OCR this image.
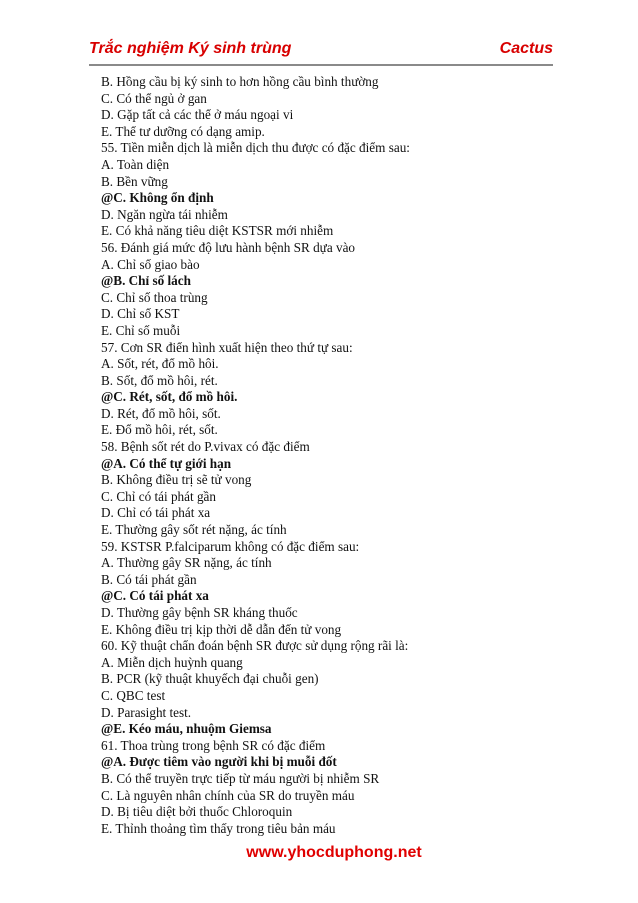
Trắc nghiệm Ký sinh trùng	Cactus
B. Hồng cầu bị ký sinh to hơn hồng cầu bình thường
C. Có thể ngủ ở gan
D. Gặp tất cả các thể ở máu ngoại vi
E. Thể tư dưỡng có dạng amip.
55. Tiền miễn dịch là miễn dịch thu được có đặc điểm sau:
A. Toàn diện
B. Bền vững
@C. Không ổn định
D. Ngăn ngừa tái nhiễm
E. Có khả năng tiêu diệt KSTSR mới nhiễm
56. Đánh giá mức độ lưu hành bệnh SR dựa vào
A. Chỉ số giao bào
@B. Chỉ số lách
C. Chỉ số thoa trùng
D. Chỉ số KST
E. Chỉ số muỗi
57. Cơn SR điển hình xuất hiện theo thứ tự sau:
A. Sốt, rét, đổ mồ hôi.
B. Sốt, đổ mồ hôi, rét.
@C. Rét, sốt, đổ mồ hôi.
D. Rét, đổ mồ hôi, sốt.
E. Đổ mồ hôi, rét, sốt.
58. Bệnh sốt rét do P.vivax có đặc điểm
@A. Có thể tự giới hạn
B. Không điều trị sẽ tử vong
C. Chỉ có tái phát gần
D. Chỉ có tái phát xa
E. Thường gây sốt rét nặng, ác tính
59. KSTSR P.falciparum không có đặc điểm sau:
A. Thường gây SR nặng, ác tính
B. Có tái phát gần
@C. Có tái phát xa
D. Thường gây bệnh SR kháng thuốc
E. Không điều trị kịp thời dễ dẫn đến tử vong
60. Kỹ thuật chẩn đoán bệnh SR được sử dụng rộng rãi là:
A. Miễn dịch huỳnh quang
B. PCR (kỹ thuật khuyếch đại chuỗi gen)
C. QBC test
D. Parasight test.
@E. Kéo máu, nhuộm Giemsa
61. Thoa trùng trong bệnh SR có đặc điểm
@A. Được tiêm vào người khi bị muỗi đốt
B. Có thể truyền trực tiếp từ máu người bị nhiễm SR
C. Là nguyên nhân chính của SR do truyền máu
D. Bị tiêu diệt bởi thuốc Chloroquin
E. Thỉnh thoảng tìm thấy trong tiêu bản máu
www.yhocduphong.net
